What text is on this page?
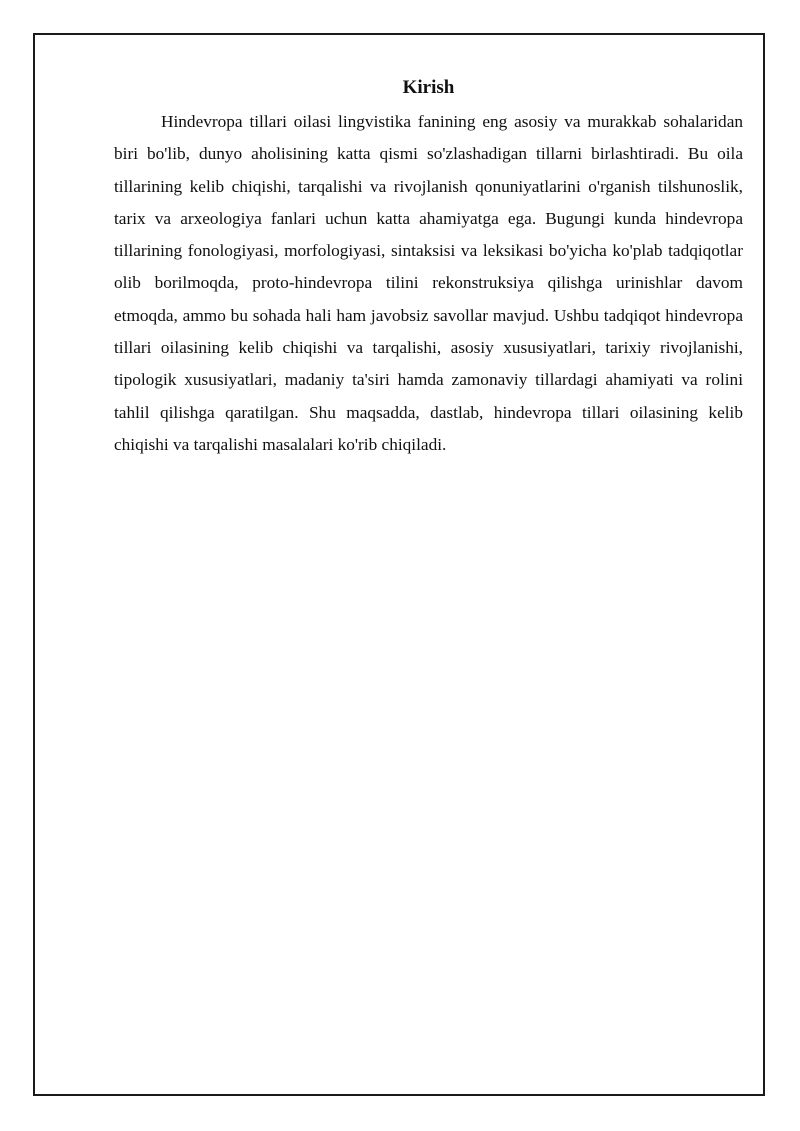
Kirish

Hindevropa tillari oilasi lingvistika fanining eng asosiy va murakkab sohalaridan biri bo'lib, dunyo aholisining katta qismi so'zlashadigan tillarni birlashtiradi. Bu oila tillarining kelib chiqishi, tarqalishi va rivojlanish qonuniyatlarini o'rganish tilshunoslik, tarix va arxeologiya fanlari uchun katta ahamiyatga ega. Bugungi kunda hindevropa tillarining fonologiyasi, morfologiyasi, sintaksisi va leksikasi bo'yicha ko'plab tadqiqotlar olib borilmoqda, proto-hindevropa tilini rekonstruksiya qilishga urinishlar davom etmoqda, ammo bu sohada hali ham javobsiz savollar mavjud. Ushbu tadqiqot hindevropa tillari oilasining kelib chiqishi va tarqalishi, asosiy xususiyatlari, tarixiy rivojlanishi, tipologik xususiyatlari, madaniy ta'siri hamda zamonaviy tillardagi ahamiyati va rolini tahlil qilishga qaratilgan. Shu maqsadda, dastlab, hindevropa tillari oilasining kelib chiqishi va tarqalishi masalalari ko'rib chiqiladi.
